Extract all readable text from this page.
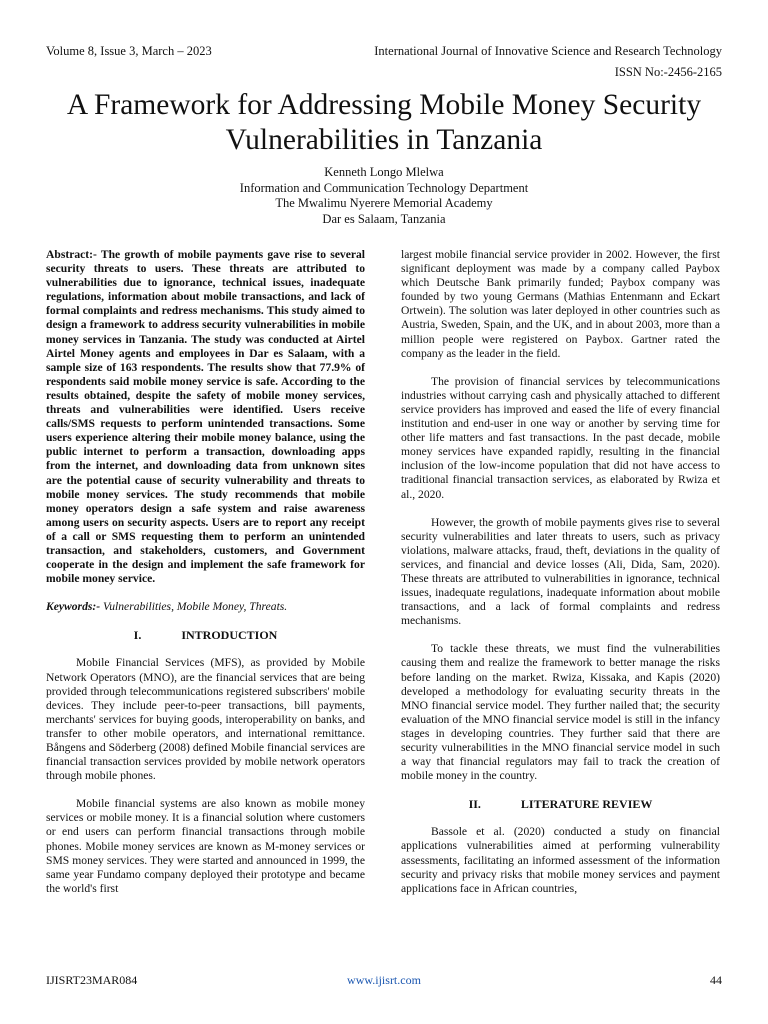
Volume 8, Issue 3, March – 2023	International Journal of Innovative Science and Research Technology
ISSN No:-2456-2165
A Framework for Addressing Mobile Money Security Vulnerabilities in Tanzania
Kenneth Longo Mlelwa
Information and Communication Technology Department
The Mwalimu Nyerere Memorial Academy
Dar es Salaam, Tanzania

Abstract:- The growth of mobile payments gave rise to several security threats to users. These threats are attributed to vulnerabilities due to ignorance, technical issues, inadequate regulations, information about mobile transactions, and lack of formal complaints and redress mechanisms. This study aimed to design a framework to address security vulnerabilities in mobile money services in Tanzania. The study was conducted at Airtel Airtel Money agents and employees in Dar es Salaam, with a sample size of 163 respondents. The results show that 77.9% of respondents said mobile money service is safe. According to the results obtained, despite the safety of mobile money services, threats and vulnerabilities were identified. Users receive calls/SMS requests to perform unintended transactions. Some users experience altering their mobile money balance, using the public internet to perform a transaction, downloading apps from the internet, and downloading data from unknown sites are the potential cause of security vulnerability and threats to mobile money services. The study recommends that mobile money operators design a safe system and raise awareness among users on security aspects. Users are to report any receipt of a call or SMS requesting them to perform an unintended transaction, and stakeholders, customers, and Government cooperate in the design and implement the safe framework for mobile money service.

Keywords:- Vulnerabilities, Mobile Money, Threats.

I.	INTRODUCTION

Mobile Financial Services (MFS), as provided by Mobile Network Operators (MNO), are the financial services that are being provided through telecommunications registered subscribers' mobile devices. They include peer-to-peer transactions, bill payments, merchants' services for buying goods, interoperability on banks, and transfer to other mobile operators, and international remittance. Bångens and Söderberg (2008) defined Mobile financial services are financial transaction services provided by mobile network operators through mobile phones.

Mobile financial systems are also known as mobile money services or mobile money. It is a financial solution where customers or end users can perform financial transactions through mobile phones. Mobile money services are known as M-money services or SMS money services. They were started and announced in 1999, the same year Fundamo company deployed their prototype and became the world's first

largest mobile financial service provider in 2002. However, the first significant deployment was made by a company called Paybox which Deutsche Bank primarily funded; Paybox company was founded by two young Germans (Mathias Entenmann and Eckart Ortwein). The solution was later deployed in other countries such as Austria, Sweden, Spain, and the UK, and in about 2003, more than a million people were registered on Paybox. Gartner rated the company as the leader in the field.

The provision of financial services by telecommunications industries without carrying cash and physically attached to different service providers has improved and eased the life of every financial institution and end-user in one way or another by serving time for other life matters and fast transactions. In the past decade, mobile money services have expanded rapidly, resulting in the financial inclusion of the low-income population that did not have access to traditional financial transaction services, as elaborated by Rwiza et al., 2020.

However, the growth of mobile payments gives rise to several security vulnerabilities and later threats to users, such as privacy violations, malware attacks, fraud, theft, deviations in the quality of services, and financial and device losses (Ali, Dida, Sam, 2020). These threats are attributed to vulnerabilities in ignorance, technical issues, inadequate regulations, inadequate information about mobile transactions, and a lack of formal complaints and redress mechanisms.

To tackle these threats, we must find the vulnerabilities causing them and realize the framework to better manage the risks before landing on the market. Rwiza, Kissaka, and Kapis (2020) developed a methodology for evaluating security threats in the MNO financial service model. They further nailed that; the security evaluation of the MNO financial service model is still in the infancy stages in developing countries. They further said that there are security vulnerabilities in the MNO financial service model in such a way that financial regulators may fail to track the creation of mobile money in the country.

II.	LITERATURE REVIEW

Bassole et al. (2020) conducted a study on financial applications vulnerabilities aimed at performing vulnerability assessments, facilitating an informed assessment of the information security and privacy risks that mobile money services and payment applications face in African countries,

IJISRT23MAR084	www.ijisrt.com	44
